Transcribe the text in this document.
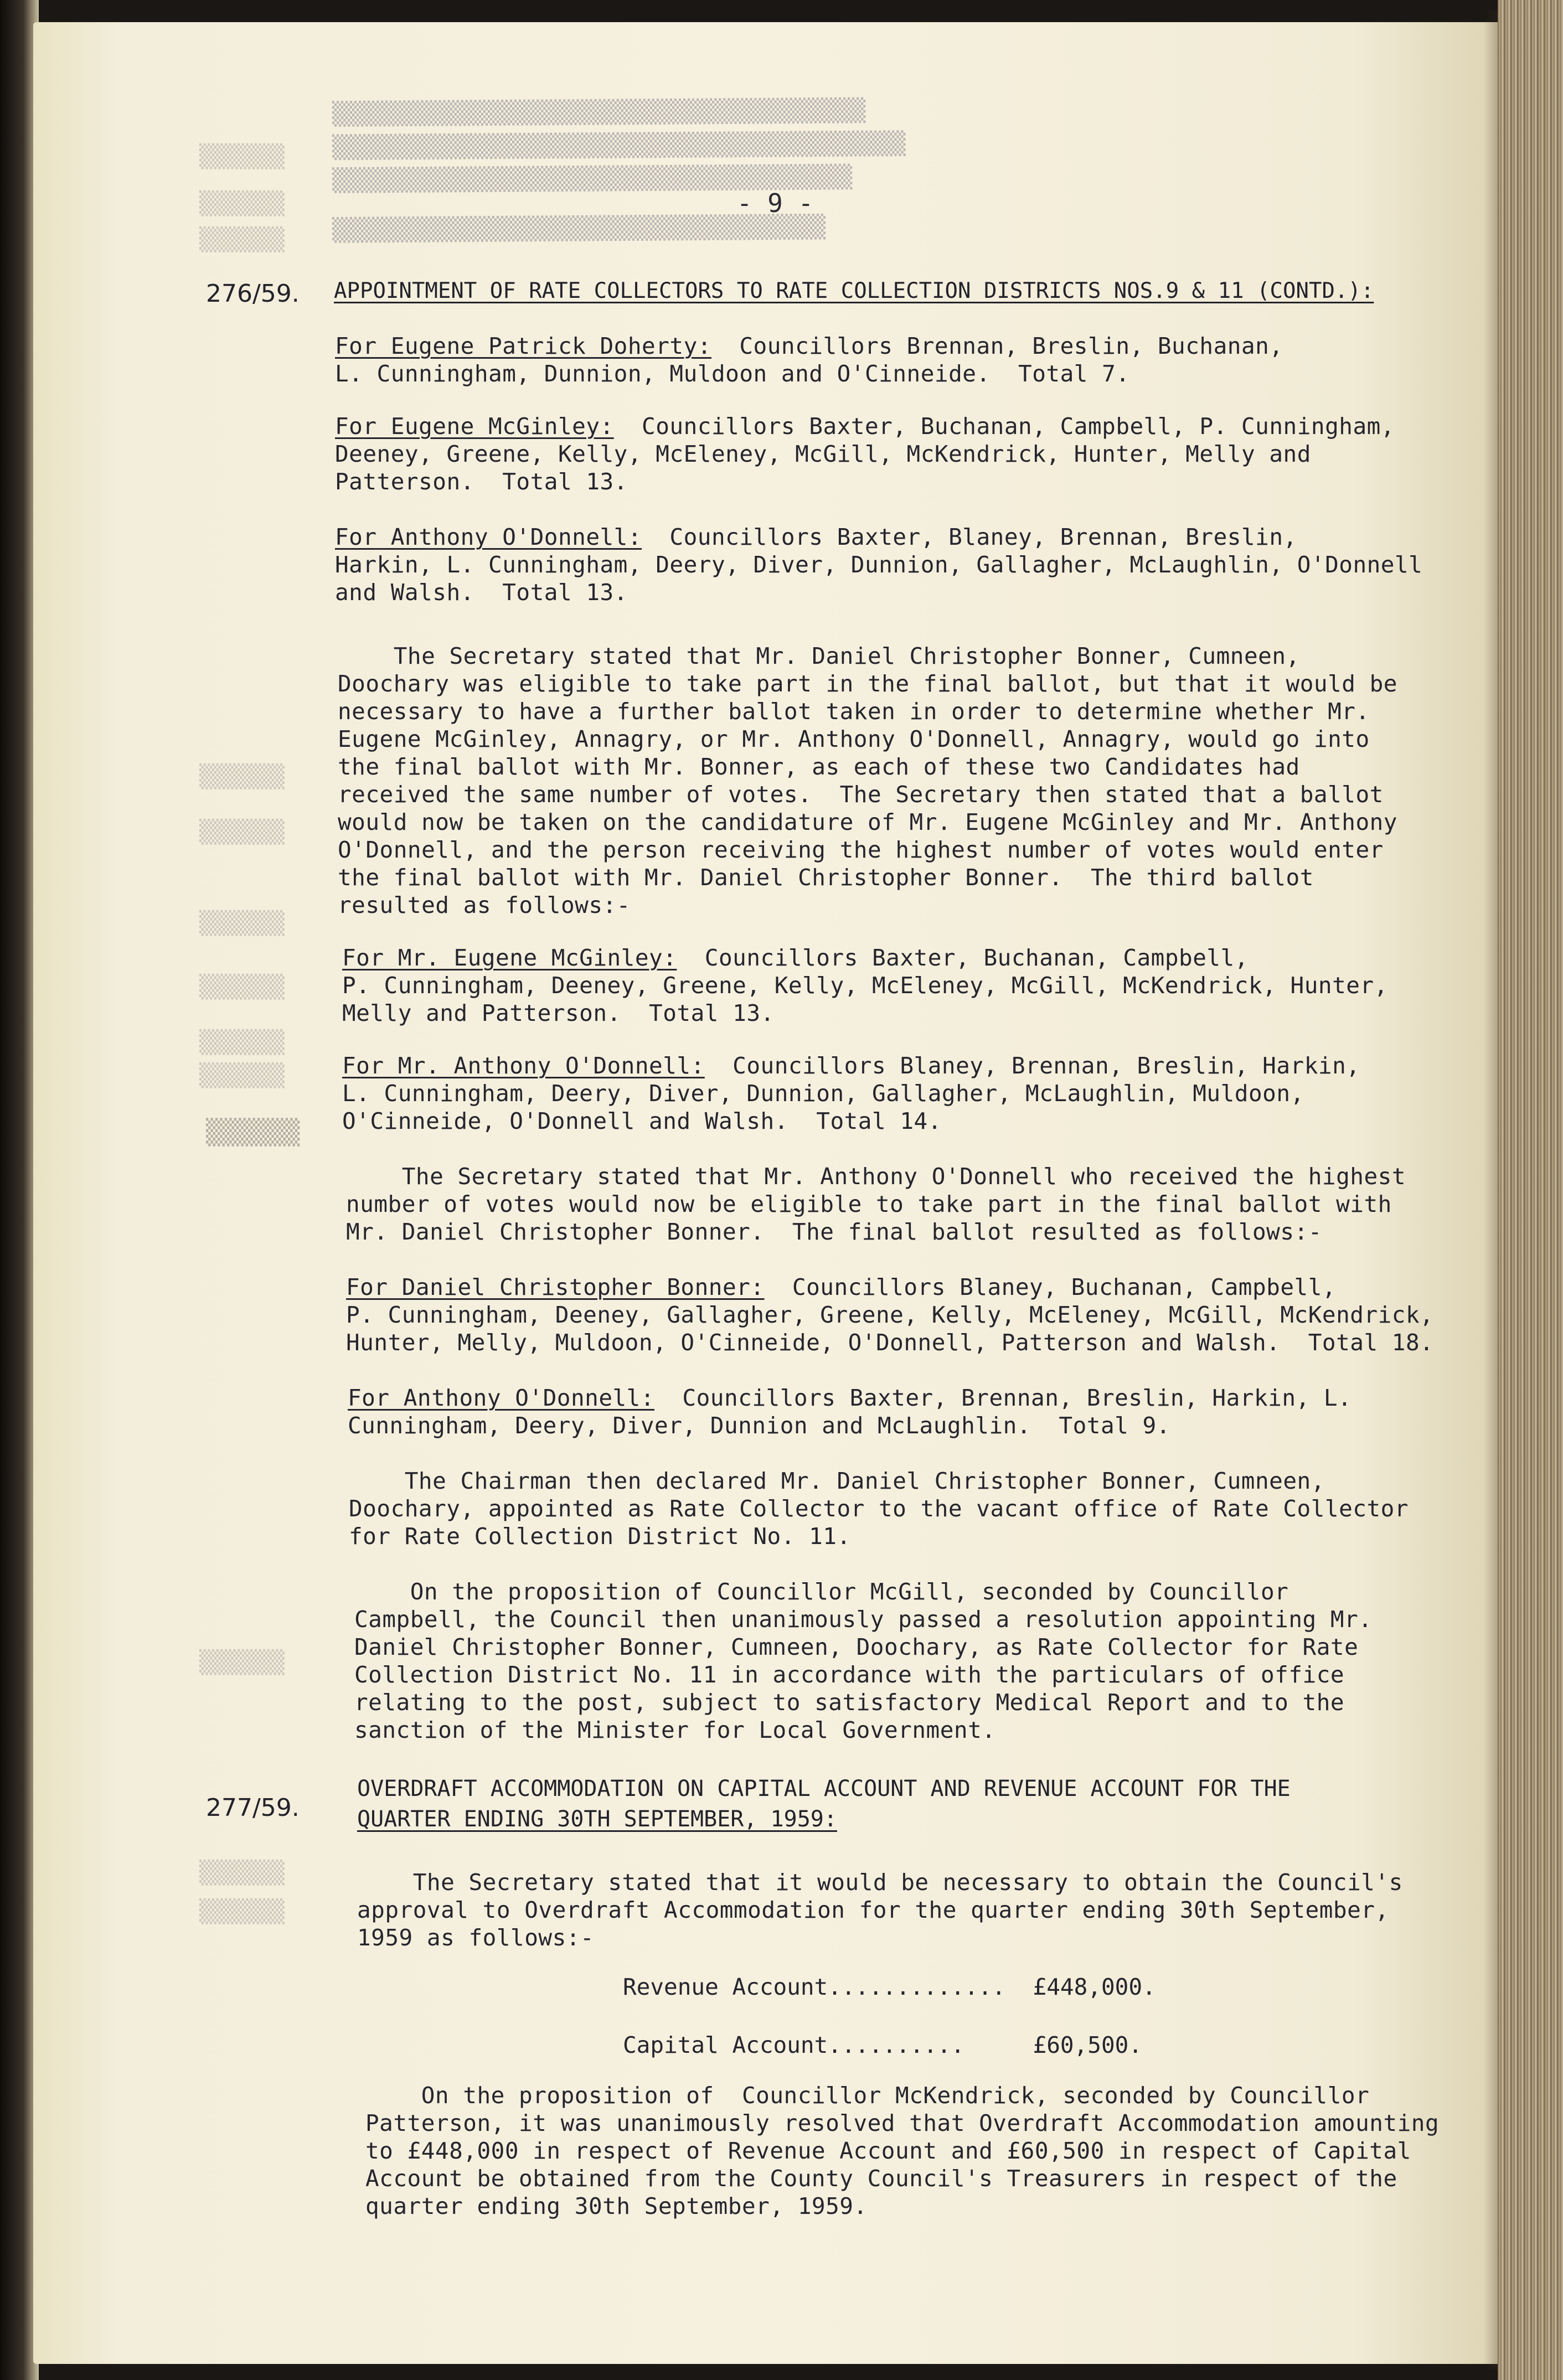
▒▒▒▒▒▒▒▒▒▒▒▒▒▒▒▒▒▒▒▒▒▒▒▒▒▒▒▒▒▒▒▒▒▒▒▒▒▒▒▒
▒▒▒▒▒▒▒▒▒▒▒▒▒▒▒▒▒▒▒▒▒▒▒▒▒▒▒▒▒▒▒▒▒▒▒▒▒▒▒▒▒▒▒
▒▒▒▒▒▒▒▒▒▒▒▒▒▒▒▒▒▒▒▒▒▒▒▒▒▒▒▒▒▒▒▒▒▒▒▒▒▒▒
▒▒▒▒▒▒▒▒▒▒▒▒▒▒▒▒▒▒▒▒▒▒▒▒▒▒▒▒▒▒▒▒▒▒▒▒▒
▒▒▒▒▒
▒▒▒▒▒
▒▒▒▒▒
▒▒▒▒▒
▒▒▒▒▒
▒▒▒▒▒
▒▒▒▒▒
▒▒▒▒▒
▒▒▒▒▒
▒▒▒▒▒
▒▒▒▒▒
▒▒▒▒▒
- 9 -
276/59. APPOINTMENT OF RATE COLLECTORS TO RATE COLLECTION DISTRICTS NOS.9 & 11 (CONTD.):
For Eugene Patrick Doherty:  Councillors Brennan, Breslin, Buchanan,
L. Cunningham, Dunnion, Muldoon and O'Cinneide.  Total 7.
For Eugene McGinley:  Councillors Baxter, Buchanan, Campbell, P. Cunningham,
Deeney, Greene, Kelly, McEleney, McGill, McKendrick, Hunter, Melly and
Patterson.  Total 13.
For Anthony O'Donnell:  Councillors Baxter, Blaney, Brennan, Breslin,
Harkin, L. Cunningham, Deery, Diver, Dunnion, Gallagher, McLaughlin, O'Donnell
and Walsh.  Total 13.
The Secretary stated that Mr. Daniel Christopher Bonner, Cumneen,
Doochary was eligible to take part in the final ballot, but that it would be
necessary to have a further ballot taken in order to determine whether Mr.
Eugene McGinley, Annagry, or Mr. Anthony O'Donnell, Annagry, would go into
the final ballot with Mr. Bonner, as each of these two Candidates had
received the same number of votes.  The Secretary then stated that a ballot
would now be taken on the candidature of Mr. Eugene McGinley and Mr. Anthony
O'Donnell, and the person receiving the highest number of votes would enter
the final ballot with Mr. Daniel Christopher Bonner.  The third ballot
resulted as follows:-
For Mr. Eugene McGinley:  Councillors Baxter, Buchanan, Campbell,
P. Cunningham, Deeney, Greene, Kelly, McEleney, McGill, McKendrick, Hunter,
Melly and Patterson.  Total 13.
For Mr. Anthony O'Donnell:  Councillors Blaney, Brennan, Breslin, Harkin,
L. Cunningham, Deery, Diver, Dunnion, Gallagher, McLaughlin, Muldoon,
O'Cinneide, O'Donnell and Walsh.  Total 14.
▒▒▒▒▒
The Secretary stated that Mr. Anthony O'Donnell who received the highest
number of votes would now be eligible to take part in the final ballot with
Mr. Daniel Christopher Bonner.  The final ballot resulted as follows:-
For Daniel Christopher Bonner:  Councillors Blaney, Buchanan, Campbell,
P. Cunningham, Deeney, Gallagher, Greene, Kelly, McEleney, McGill, McKendrick,
Hunter, Melly, Muldoon, O'Cinneide, O'Donnell, Patterson and Walsh.  Total 18.
For Anthony O'Donnell:  Councillors Baxter, Brennan, Breslin, Harkin, L.
Cunningham, Deery, Diver, Dunnion and McLaughlin.  Total 9.
The Chairman then declared Mr. Daniel Christopher Bonner, Cumneen,
Doochary, appointed as Rate Collector to the vacant office of Rate Collector
for Rate Collection District No. 11.
On the proposition of Councillor McGill, seconded by Councillor
Campbell, the Council then unanimously passed a resolution appointing Mr.
Daniel Christopher Bonner, Cumneen, Doochary, as Rate Collector for Rate
Collection District No. 11 in accordance with the particulars of office
relating to the post, subject to satisfactory Medical Report and to the
sanction of the Minister for Local Government.
277/59.
OVERDRAFT ACCOMMODATION ON CAPITAL ACCOUNT AND REVENUE ACCOUNT FOR THE
QUARTER ENDING 30TH SEPTEMBER, 1959:
The Secretary stated that it would be necessary to obtain the Council's
approval to Overdraft Accommodation for the quarter ending 30th September,
1959 as follows:-
Revenue Account............. £448,000.
Capital Account..........	£60,500.
On the proposition of  Councillor McKendrick, seconded by Councillor
Patterson, it was unanimously resolved that Overdraft Accommodation amounting
to £448,000 in respect of Revenue Account and £60,500 in respect of Capital
Account be obtained from the County Council's Treasurers in respect of the
quarter ending 30th September, 1959.
